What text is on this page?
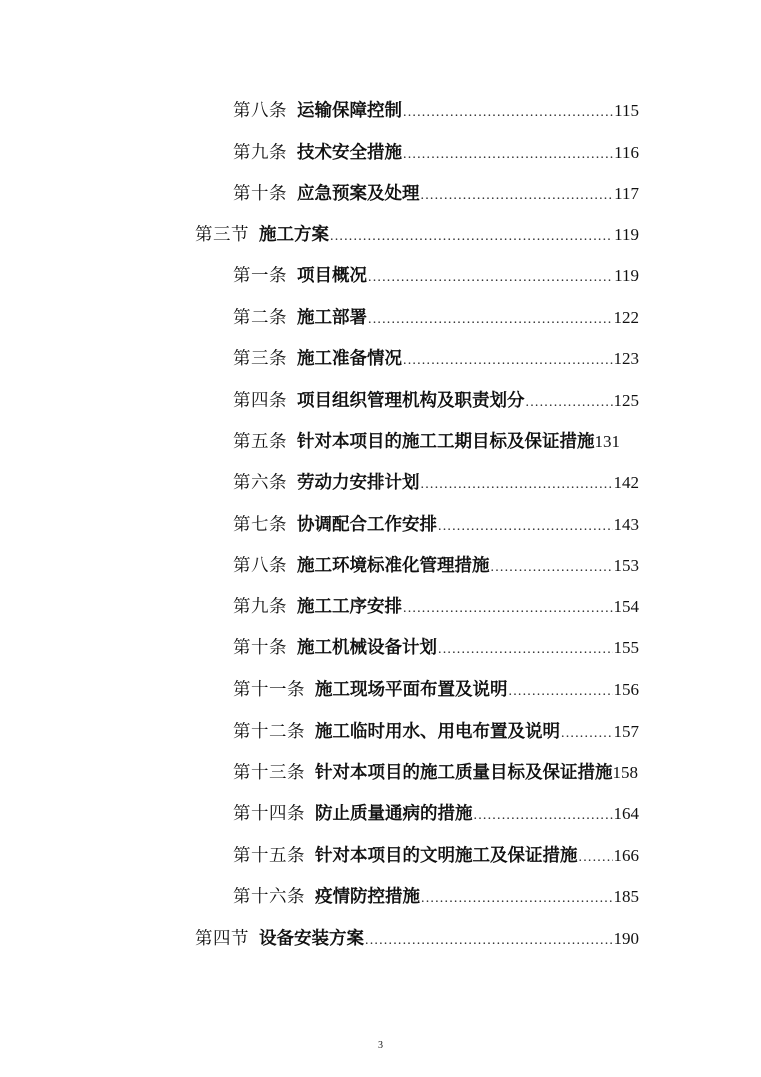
第八条 运输保障控制 .....	115
第九条 技术安全措施 .....	116
第十条 应急预案及处理 .....	117
第三节 施工方案 .....	119
第一条 项目概况 .....	119
第二条 施工部署 .....	122
第三条 施工准备情况 .....	123
第四条 项目组织管理机构及职责划分 .....	125
第五条 针对本项目的施工工期目标及保证措施 131
第六条 劳动力安排计划 .....	142
第七条 协调配合工作安排 .....	143
第八条 施工环境标准化管理措施 .....	153
第九条 施工工序安排 .....	154
第十条 施工机械设备计划 .....	155
第十一条 施工现场平面布置及说明 .....	156
第十二条 施工临时用水、用电布置及说明 .....	157
第十三条 针对本项目的施工质量目标及保证措施 158
第十四条 防止质量通病的措施 .....	164
第十五条 针对本项目的文明施工及保证措施 ..... 166
第十六条 疫情防控措施 .....	185
第四节 设备安装方案 .....	190
3
